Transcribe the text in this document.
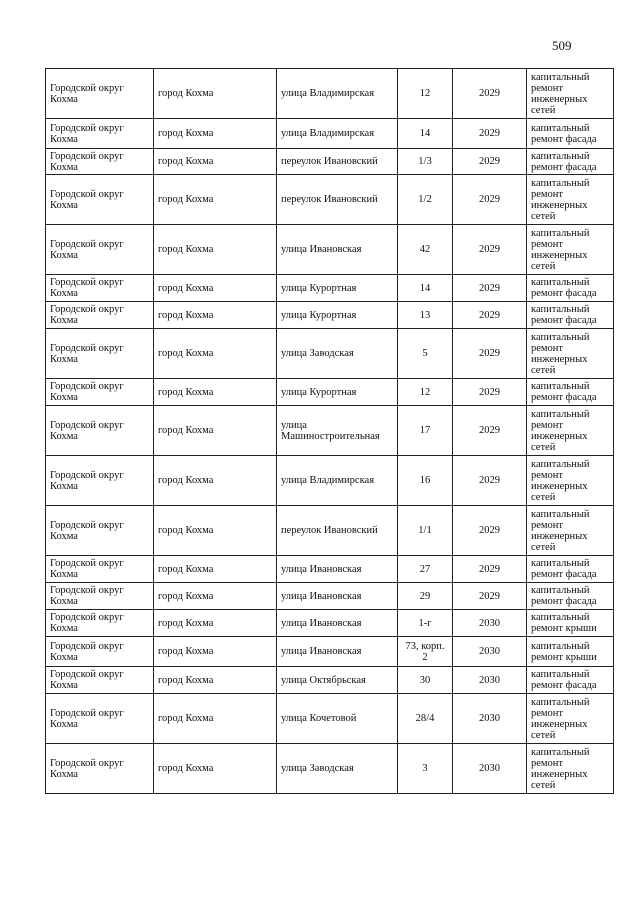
509
Городской округ Кохма	город Кохма	улица Владимирская	12	2029	капитальный ремонт инженерных сетей
Городской округ Кохма	город Кохма	улица Владимирская	14	2029	капитальный ремонт фасада
Городской округ Кохма	город Кохма	переулок Ивановский	1/3	2029	капитальный ремонт фасада
Городской округ Кохма	город Кохма	переулок Ивановский	1/2	2029	капитальный ремонт инженерных сетей
Городской округ Кохма	город Кохма	улица Ивановская	42	2029	капитальный ремонт инженерных сетей
Городской округ Кохма	город Кохма	улица Курортная	14	2029	капитальный ремонт фасада
Городской округ Кохма	город Кохма	улица Курортная	13	2029	капитальный ремонт фасада
Городской округ Кохма	город Кохма	улица Заводская	5	2029	капитальный ремонт инженерных сетей
Городской округ Кохма	город Кохма	улица Курортная	12	2029	капитальный ремонт фасада
Городской округ Кохма	город Кохма	улица Машиностроительная	17	2029	капитальный ремонт инженерных сетей
Городской округ Кохма	город Кохма	улица Владимирская	16	2029	капитальный ремонт инженерных сетей
Городской округ Кохма	город Кохма	переулок Ивановский	1/1	2029	капитальный ремонт инженерных сетей
Городской округ Кохма	город Кохма	улица Ивановская	27	2029	капитальный ремонт фасада
Городской округ Кохма	город Кохма	улица Ивановская	29	2029	капитальный ремонт фасада
Городской округ Кохма	город Кохма	улица Ивановская	1-г	2030	капитальный ремонт крыши
Городской округ Кохма	город Кохма	улица Ивановская	73, корп. 2	2030	капитальный ремонт крыши
Городской округ Кохма	город Кохма	улица Октябрьская	30	2030	капитальный ремонт фасада
Городской округ Кохма	город Кохма	улица Кочетовой	28/4	2030	капитальный ремонт инженерных сетей
Городской округ Кохма	город Кохма	улица Заводская	3	2030	капитальный ремонт инженерных сетей
